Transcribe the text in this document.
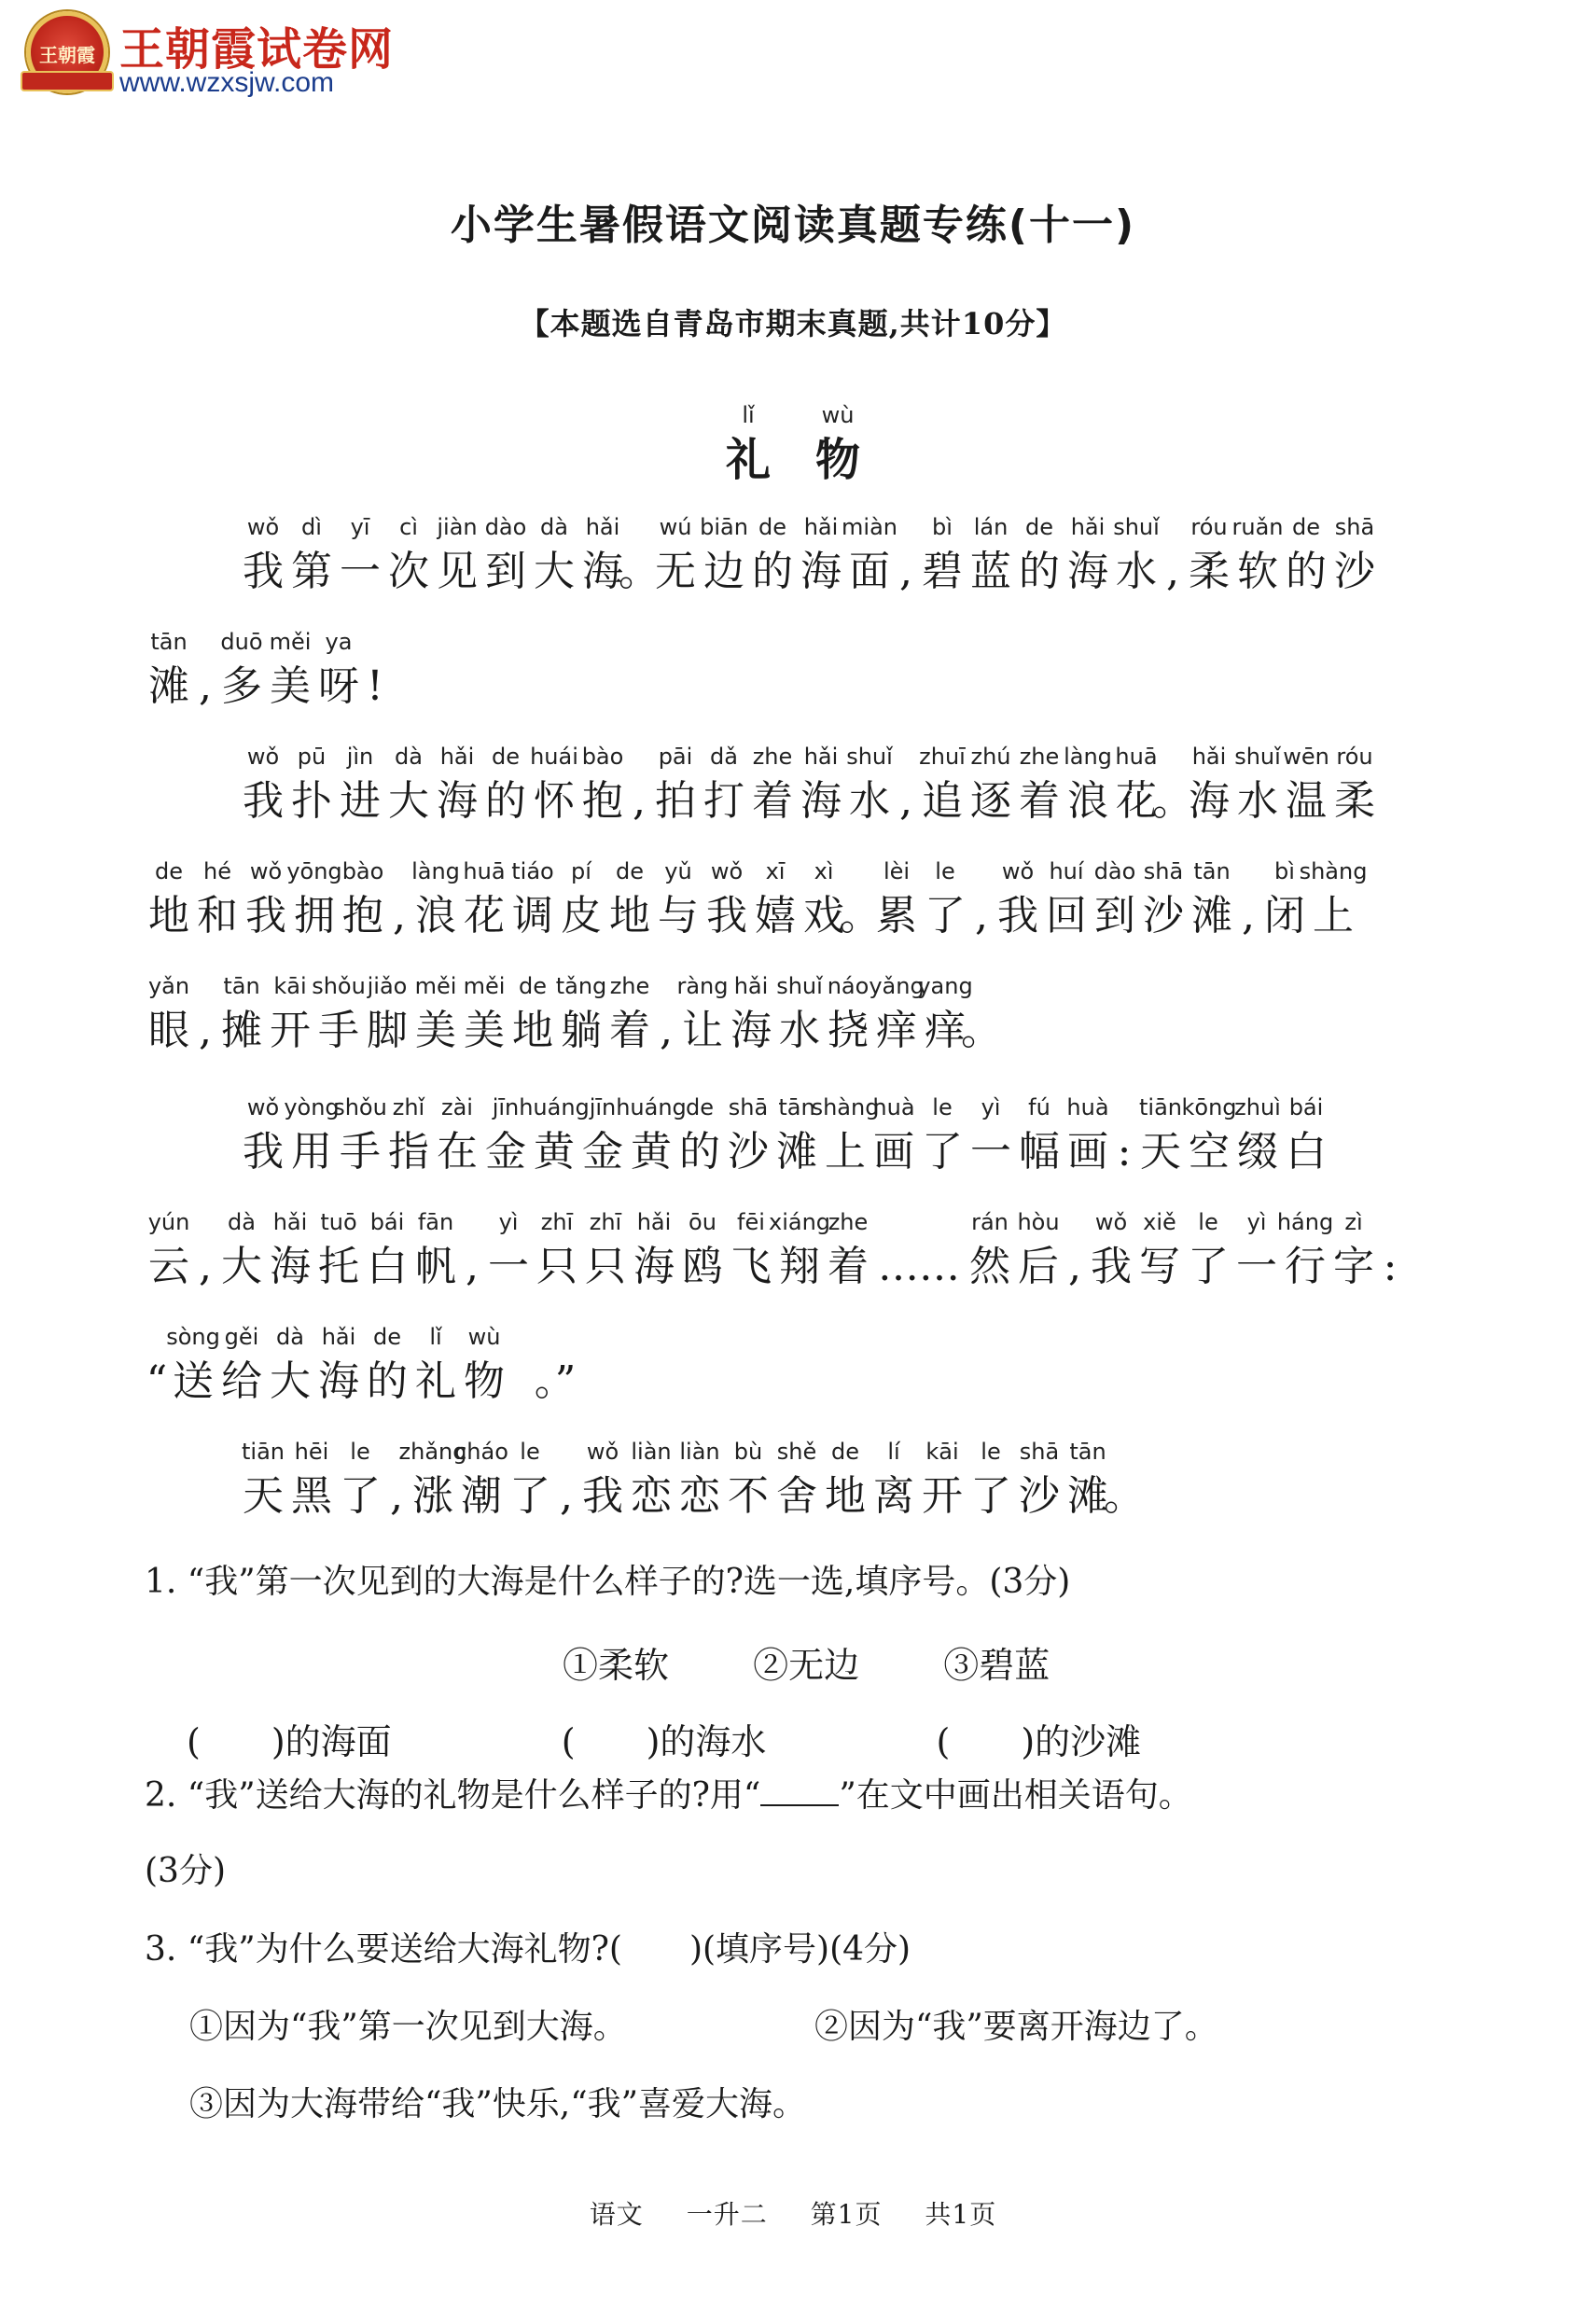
王朝霞 王朝霞试卷网
www.wzxsjw.com
小学生暑假语文阅读真题专练(十一)
【本题选自青岛市期末真题,共计10分】
lǐ
礼
wù
物
wǒ
我
dì
第
yī
一
cì
次
jiàn
见
dào
到
dà
大
hǎi
海
。
wú
无
biān
边
de
的
hǎi
海
miàn
面 ,
bì
碧
lán
蓝
de
的
hǎi
海
shuǐ
水 ,
róu
柔
ruǎn
软
de
的
shā
沙
tān
滩 ,
duō
多
měi
美
ya
呀 !
wǒ
我
pū
扑
jìn
进
dà
大
hǎi
海
de
的
huái
怀
bào
抱 ,
pāi
拍
dǎ
打
zhe
着
hǎi
海
shuǐ
水 ,
zhuī
追
zhú
逐
zhe
着
làng
浪
huā
花
。
hǎi
海
shuǐ
水
wēn
温
róu
柔
de
地
hé
和
wǒ
我
yōng
拥
bào
抱 ,
làng
浪
huā
花
tiáo
调
pí
皮
de
地
yǔ
与
wǒ
我
xī
嬉
xì
戏
。
lèi
累
le
了 ,
wǒ
我
huí
回
dào
到
shā
沙
tān
滩 ,
bì
闭
shàng
上
yǎn
眼 ,
tān
摊
kāi
开
shǒu
手
jiǎo
脚
měi
美
měi
美
de
地
tǎng
躺
zhe
着 ,
ràng
让
hǎi
海
shuǐ
水
náo
挠
yǎng
痒
yang
痒
。
wǒ
我
yòng
用
shǒu
手
zhǐ
指
zài
在
jīn
金
huáng
黄
jīn
金
huáng
黄
de
的
shā
沙
tān
滩
shàng
上
huà
画
le
了
yì
一
fú
幅
huà
画 :
tiān
天
kōng
空
zhuì
缀
bái
白
yún
云 ,
dà
大
hǎi
海
tuō
托
bái
白
fān
帆 ,
yì
一
zhī
只
zhī
只
hǎi
海
ōu
鸥
fēi
飞
xiáng
翔
zhe
着 ……
rán
然
hòu
后 ,
wǒ
我
xiě
写
le
了
yì
一
háng
行
zì
字 :
“
sòng
送
gěi
给
dà
大
hǎi
海
de
的
lǐ
礼
wù
物 。”
tiān
天
hēi
黑
le
了 ,
zhǎng
涨
cháo
潮
le
了 ,
wǒ
我
liàn
恋
liàn
恋
bù
不
shě
舍
de
地
lí
离
kāi
开
le
了
shā
沙
tān
滩
。
1. “我”第一次见到的大海是什么样子的?选一选,填序号。(3分)
①柔软 ②无边 ③碧蓝
(　　)的海面	(　　)的海水	(　　)的沙滩
2. “我”送给大海的礼物是什么样子的?用“ ”在文中画出相关语句。
(3分)
3. “我”为什么要送给大海礼物?(　　)(填序号)(4分)
①因为“我”第一次见到大海。	②因为“我”要离开海边了。
③因为大海带给“我”快乐,“我”喜爱大海。
语文 一升二 第1页 共1页
